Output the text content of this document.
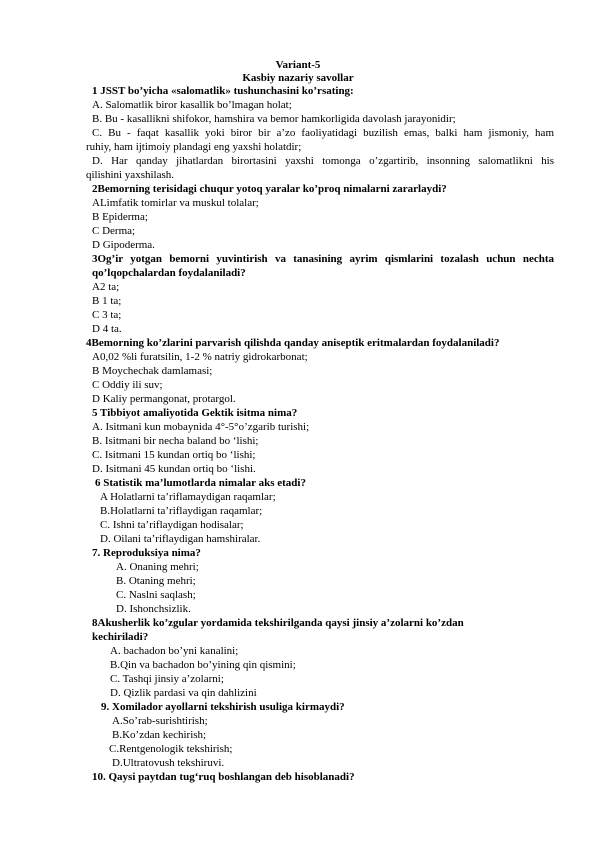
Variant-5
Kasbiy nazariy savollar
1 JSST bo’yicha «salomatlik» tushunchasini ko’rsating:
A. Salomatlik biror kasallik bo’lmagan holat;
B. Bu - kasallikni shifokor, hamshira va bemor hamkorligida davolash jarayonidir;
C. Bu - faqat kasallik yoki biror bir a’zo faoliyatidagi buzilish emas, balki ham jismoniy, ham
ruhiy, ham ijtimoiy plandagi eng yaxshi holatdir;
D. Har qanday jihatlardan birortasini yaxshi tomonga o’zgartirib, insonning salomatlikni his
qilishini yaxshilash.
2Bemorning terisidagi chuqur yotoq yaralar ko’proq nimalarni zararlaydi?
ALimfatik tomirlar va muskul tolalar;
B Epiderma;
C Derma;
D Gipoderma.
3Og’ir yotgan bemorni yuvintirish va tanasining ayrim qismlarini tozalash uchun nechta
qo’lqopchalardan foydalaniladi?
A2 ta;
B 1 ta;
C 3 ta;
D 4 ta.
4Bemorning ko’zlarini parvarish qilishda qanday aniseptik eritmalardan foydalaniladi?
A0,02 %li furatsilin, 1-2 % natriy gidrokarbonat;
B Moychechak damlamasi;
C Oddiy ili suv;
D Kaliy permangonat, protargol.
5 Tibbiyot amaliyotida Gektik isitma nima?
A. Isitmani kun mobaynida 4°-5°o’zgarib turishi;
B. Isitmani bir necha baland bo ‘lishi;
C. Isitmani 15 kundan ortiq bo ‘lishi;
D. Isitmani 45 kundan ortiq bo ‘lishi.
6 Statistik ma’lumotlarda nimalar aks etadi?
A Holatlarni ta’riflamaydigan raqamlar;
B.Holatlarni ta’riflaydigan raqamlar;
C. Ishni ta’riflaydigan hodisalar;
D. Oilani ta’riflaydigan hamshiralar.
7. Reproduksiya nima?
A. Onaning mehri;
B. Otaning mehri;
C. Naslni saqlash;
D. Ishonchsizlik.
8Akusherlik ko’zgular yordamida tekshirilganda qaysi jinsiy a’zolarni ko’zdan
kechiriladi?
A. bachadon bo’yni kanalini;
B.Qin va bachadon bo’yining qin qismini;
C. Tashqi jinsiy a’zolarni;
D. Qizlik pardasi va qin dahlizini
9. Xomilador ayollarni tekshirish usuliga kirmaydi?
A.So’rab-surishtirish;
B.Ko’zdan kechirish;
C.Rentgenologik tekshirish;
D.Ultratovush tekshiruvi.
10. Qaysi paytdan tug‘ruq boshlangan deb hisoblanadi?
